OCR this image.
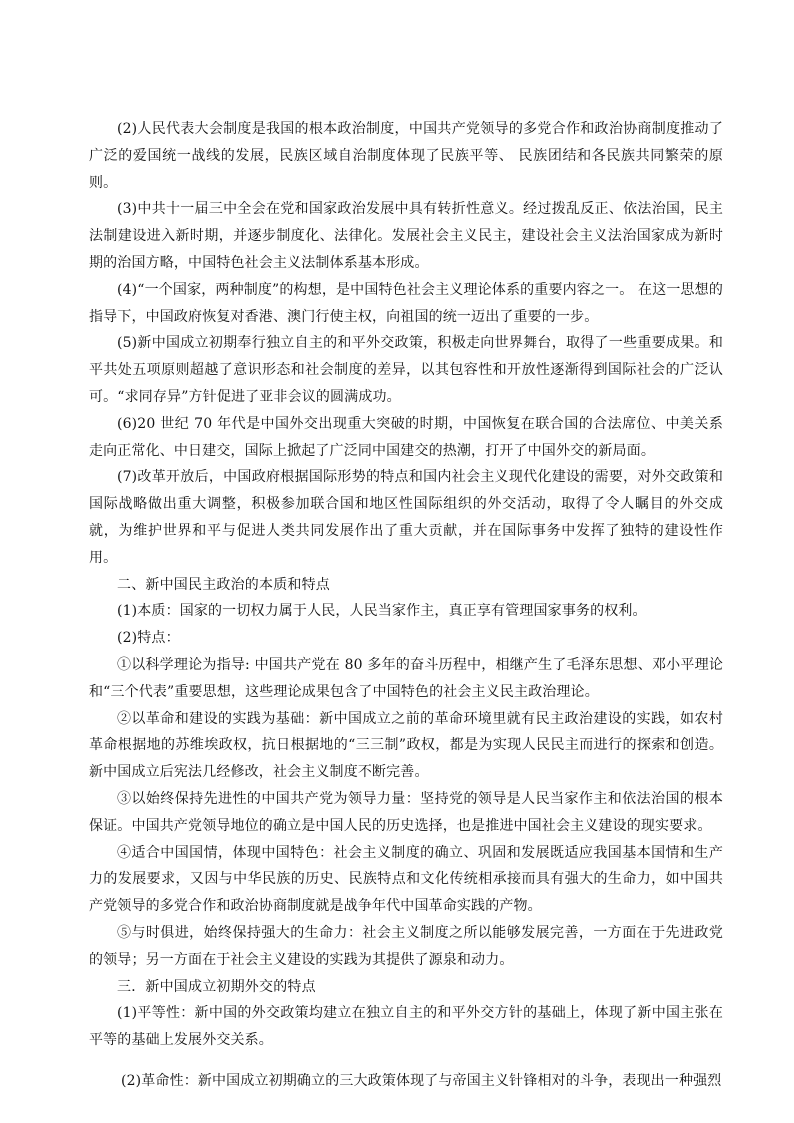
(2)人民代表大会制度是我国的根本政治制度，中国共产党领导的多党合作和政治协商制度推动了广泛的爱国统一战线的发展，民族区域自治制度体现了民族平等、 民族团结和各民族共同繁荣的原则。

(3)中共十一届三中全会在党和国家政治发展中具有转折性意义。经过拨乱反正、依法治国，民主法制建设进入新时期，并逐步制度化、法律化。发展社会主义民主，建设社会主义法治国家成为新时期的治国方略，中国特色社会主义法制体系基本形成。

(4)“一个国家，两种制度”的构想，是中国特色社会主义理论体系的重要内容之一。 在这一思想的指导下，中国政府恢复对香港、澳门行使主权，向祖国的统一迈出了重要的一步。

(5)新中国成立初期奉行独立自主的和平外交政策，积极走向世界舞台，取得了一些重要成果。和平共处五项原则超越了意识形态和社会制度的差异，以其包容性和开放性逐渐得到国际社会的广泛认可。“求同存异”方针促进了亚非会议的圆满成功。

(6)20 世纪 70 年代是中国外交出现重大突破的时期，中国恢复在联合国的合法席位、中美关系走向正常化、中日建交，国际上掀起了广泛同中国建交的热潮，打开了中国外交的新局面。

(7)改革开放后，中国政府根据国际形势的特点和国内社会主义现代化建设的需要，对外交政策和国际战略做出重大调整，积极参加联合国和地区性国际组织的外交活动，取得了令人瞩目的外交成就，为维护世界和平与促进人类共同发展作出了重大贡献，并在国际事务中发挥了独特的建设性作用。

二、新中国民主政治的本质和特点

(1)本质：国家的一切权力属于人民，人民当家作主，真正享有管理国家事务的权利。

(2)特点：

①以科学理论为指导: 中国共产党在 80 多年的奋斗历程中，相继产生了毛泽东思想、邓小平理论和“三个代表”重要思想，这些理论成果包含了中国特色的社会主义民主政治理论。

②以革命和建设的实践为基础：新中国成立之前的革命环境里就有民主政治建设的实践，如农村革命根据地的苏维埃政权，抗日根据地的“三三制”政权，都是为实现人民民主而进行的探索和创造。新中国成立后宪法几经修改，社会主义制度不断完善。

③以始终保持先进性的中国共产党为领导力量：坚持党的领导是人民当家作主和依法治国的根本保证。中国共产党领导地位的确立是中国人民的历史选择，也是推进中国社会主义建设的现实要求。

④适合中国国情，体现中国特色：社会主义制度的确立、巩固和发展既适应我国基本国情和生产力的发展要求，又因与中华民族的历史、民族特点和文化传统相承接而具有强大的生命力，如中国共产党领导的多党合作和政治协商制度就是战争年代中国革命实践的产物。

⑤与时俱进，始终保持强大的生命力：社会主义制度之所以能够发展完善，一方面在于先进政党的领导；另一方面在于社会主义建设的实践为其提供了源泉和动力。

三．新中国成立初期外交的特点

(1)平等性：新中国的外交政策均建立在独立自主的和平外交方针的基础上，体现了新中国主张在平等的基础上发展外交关系。

(2)革命性：新中国成立初期确立的三大政策体现了与帝国主义针锋相对的斗争，表现出一种强烈
